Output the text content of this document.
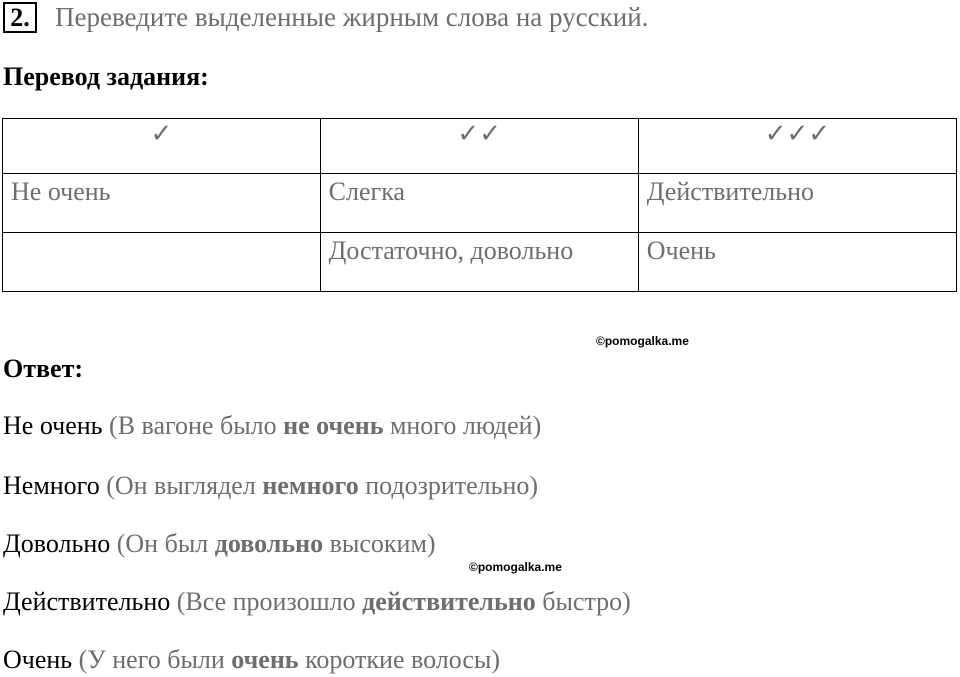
2. Переведите выделенные жирным слова на русский.
Перевод задания:
✓	✓✓	✓✓✓
Не очень	Слегка	Действительно
	Достаточно, довольно	Очень
©pomogalka.me
Ответ:
Не очень (В вагоне было не очень много людей)
Немного (Он выглядел немного подозрительно)
Довольно (Он был довольно высоким)
©pomogalka.me
Действительно (Все произошло действительно быстро)
Очень (У него были очень короткие волосы)
